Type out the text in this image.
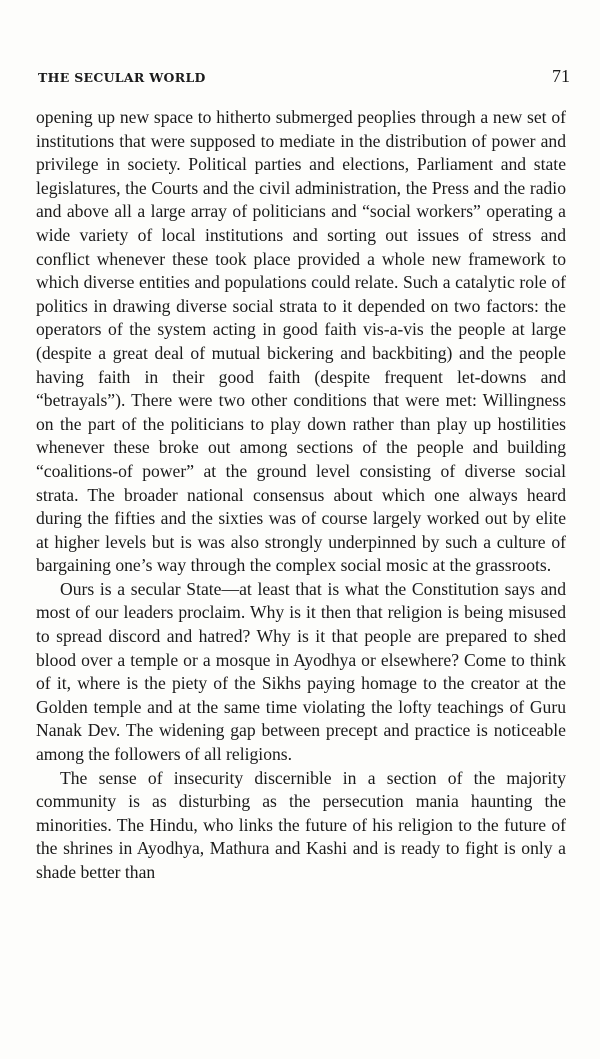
THE SECULAR WORLD	71

opening up new space to hitherto submerged peoplies through a new set of institutions that were supposed to mediate in the distribution of power and privilege in society. Political parties and elections, Parliament and state legislatures, the Courts and the civil administration, the Press and the radio and above all a large array of politicians and “social workers” operating a wide variety of local institutions and sorting out issues of stress and conflict whenever these took place provided a whole new framework to which diverse entities and populations could relate. Such a catalytic role of politics in drawing diverse social strata to it depended on two factors: the operators of the system acting in good faith vis-a-vis the people at large (despite a great deal of mutual bickering and backbiting) and the people having faith in their good faith (despite frequent let-downs and “betrayals”). There were two other conditions that were met: Willingness on the part of the politicians to play down rather than play up hostilities whenever these broke out among sections of the people and building “coalitions-of power” at the ground level consisting of diverse social strata. The broader national consensus about which one always heard during the fifties and the sixties was of course largely worked out by elite at higher levels but is was also strongly underpinned by such a culture of bargaining one’s way through the complex social mosic at the grassroots.

Ours is a secular State—at least that is what the Constitution says and most of our leaders proclaim. Why is it then that religion is being misused to spread discord and hatred? Why is it that people are prepared to shed blood over a temple or a mosque in Ayodhya or elsewhere? Come to think of it, where is the piety of the Sikhs paying homage to the creator at the Golden temple and at the same time violating the lofty teachings of Guru Nanak Dev. The widening gap between precept and practice is noticeable among the followers of all religions.

The sense of insecurity discernible in a section of the majority community is as disturbing as the persecution mania haunting the minorities. The Hindu, who links the future of his religion to the future of the shrines in Ayodhya, Mathura and Kashi and is ready to fight is only a shade better than
